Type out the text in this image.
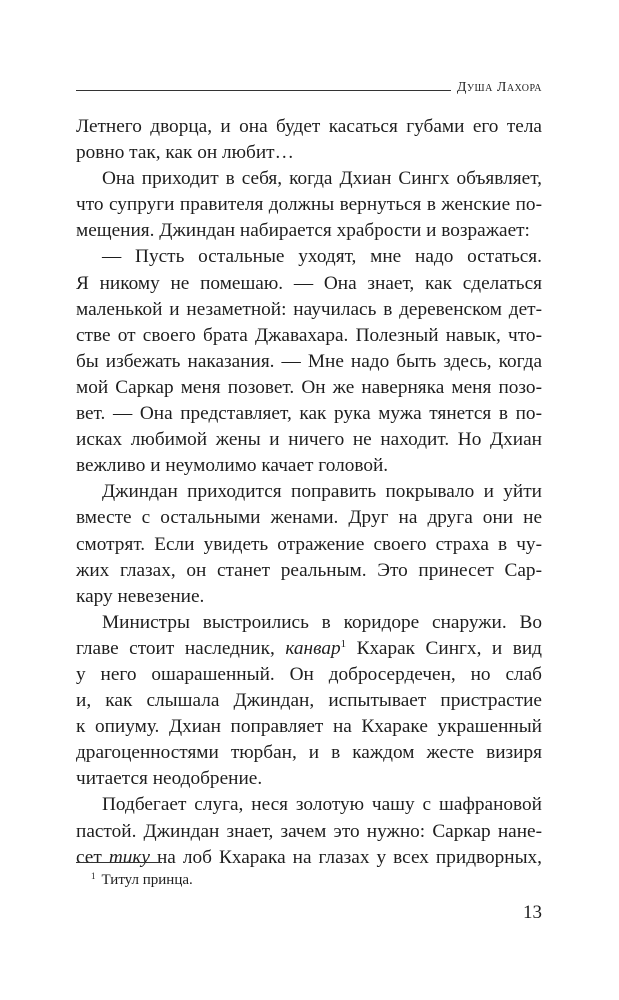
Душа Лахора
Летнего дворца, и она будет касаться губами его тела
ровно так, как он любит…
Она приходит в себя, когда Дхиан Сингх объявляет,
что супруги правителя должны вернуться в женские по-
мещения. Джиндан набирается храбрости и возражает:
— Пусть остальные уходят, мне надо остаться.
Я никому не помешаю. — Она знает, как сделаться
маленькой и незаметной: научилась в деревенском дет-
стве от своего брата Джавахара. Полезный навык, что-
бы избежать наказания. — Мне надо быть здесь, когда
мой Саркар меня позовет. Он же наверняка меня позо-
вет. — Она представляет, как рука мужа тянется в по-
исках любимой жены и ничего не находит. Но Дхиан
вежливо и неумолимо качает головой.
Джиндан приходится поправить покрывало и уйти
вместе с остальными женами. Друг на друга они не
смотрят. Если увидеть отражение своего страха в чу-
жих глазах, он станет реальным. Это принесет Сар-
кару невезение.
Министры выстроились в коридоре снаружи. Во
главе стоит наследник, канвар$^1$ Кхарак Сингх, и вид
у него ошарашенный. Он добросердечен, но слаб
и, как слышала Джиндан, испытывает пристрастие
к опиуму. Дхиан поправляет на Кхараке украшенный
драгоценностями тюрбан, и в каждом жесте визиря
читается неодобрение.
Подбегает слуга, неся золотую чашу с шафрановой
пастой. Джиндан знает, зачем это нужно: Саркар нане-
сет тику на лоб Кхарака на глазах у всех придворных,
$^1$ Титул принца.
13
